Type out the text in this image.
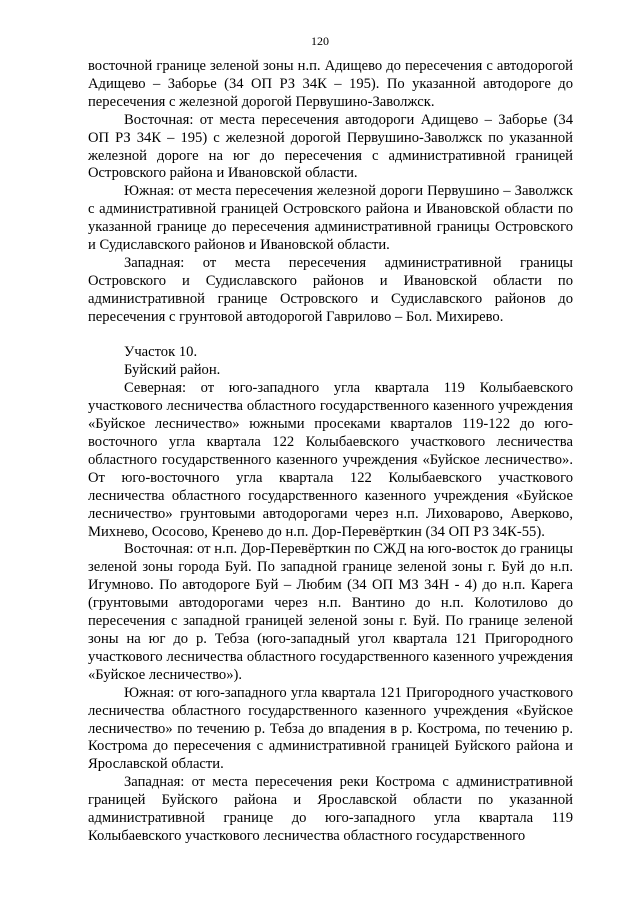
120

восточной границе зеленой зоны н.п. Адищево до пересечения с автодорогой Адищево – Заборье (34 ОП РЗ 34К – 195). По указанной автодороге до пересечения с железной дорогой Первушино-Заволжск.

Восточная: от места пересечения автодороги Адищево – Заборье (34 ОП РЗ 34К – 195) с железной дорогой Первушино-Заволжск по указанной железной дороге на юг до пересечения с административной границей Островского района и Ивановской области.

Южная: от места пересечения железной дороги Первушино – Заволжск с административной границей Островского района и Ивановской области по указанной границе до пересечения административной границы Островского и Судиславского районов и Ивановской области.

Западная: от места пересечения административной границы Островского и Судиславского районов и Ивановской области по административной границе Островского и Судиславского районов до пересечения с грунтовой автодорогой Гаврилово – Бол. Михирево.

Участок 10.

Буйский район.

Северная: от юго-западного угла квартала 119 Колыбаевского участкового лесничества областного государственного казенного учреждения «Буйское лесничество» южными просеками кварталов 119-122 до юго-восточного угла квартала 122 Колыбаевского участкового лесничества областного государственного казенного учреждения «Буйское лесничество». От юго-восточного угла квартала 122 Колыбаевского участкового лесничества областного государственного казенного учреждения «Буйское лесничество» грунтовыми автодорогами через н.п. Лиховарово, Аверково, Михнево, Ососово, Кренево до н.п. Дор-Перевёрткин (34 ОП РЗ 34К-55).

Восточная: от н.п. Дор-Перевёрткин по СЖД на юго-восток до границы зеленой зоны города Буй. По западной границе зеленой зоны г. Буй до н.п. Игумново. По автодороге Буй – Любим (34 ОП МЗ 34Н - 4) до н.п. Карега (грунтовыми автодорогами через н.п. Вантино до н.п. Колотилово до пересечения с западной границей зеленой зоны г. Буй. По границе зеленой зоны на юг до р. Тебза (юго-западный угол квартала 121 Пригородного участкового лесничества областного государственного казенного учреждения «Буйское лесничество»).

Южная: от юго-западного угла квартала 121 Пригородного участкового лесничества областного государственного казенного учреждения «Буйское лесничество» по течению р. Тебза до впадения в р. Кострома, по течению р. Кострома до пересечения с административной границей Буйского района и Ярославской области.

Западная: от места пересечения реки Кострома с административной границей Буйского района и Ярославской области по указанной административной границе до юго-западного угла квартала 119 Колыбаевского участкового лесничества областного государственного
